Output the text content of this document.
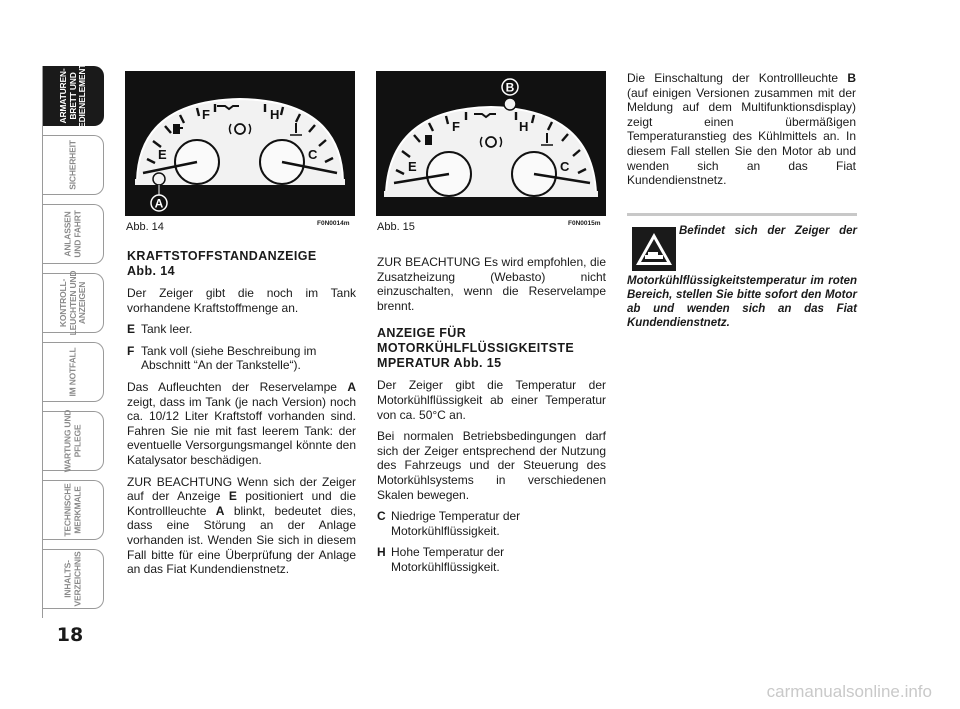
ARMATUREN-
BRETT UND
BEDIENELEMENTE
SICHERHEIT
ANLASSEN
UND FAHRT
KONTROLL-
LEUCHTEN UND
ANZEIGEN
IM NOTFALL
WARTUNG UND
PFLEGE
TECHNISCHE
MERKMALE
INHALTS-
VERZEICHNIS
18
E
F	H
C
A
Abb. 14	F0N0014m
E
F	H
C
B
Abb. 15	F0N0015m
KRAFTSTOFFSTANDANZEIGE
Abb. 14

Der Zeiger gibt die noch im Tank vorhandene Kraftstoffmenge an.

E Tank leer.
F Tank voll (siehe Beschreibung im Abschnitt “An der Tankstelle“).

Das Aufleuchten der Reservelampe A zeigt, dass im Tank (je nach Version) noch ca. 10/12 Liter Kraftstoff vorhanden sind. Fahren Sie nie mit fast leerem Tank: der eventuelle Versorgungsmangel könnte den Katalysator beschädigen.

ZUR BEACHTUNG Wenn sich der Zeiger auf der Anzeige E positioniert und die Kontrollleuchte A blinkt, bedeutet dies, dass eine Störung an der Anlage vorhanden ist. Wenden Sie sich in diesem Fall bitte für eine Überprüfung der Anlage an das Fiat Kundendienstnetz.

ZUR BEACHTUNG Es wird empfohlen, die Zusatzheizung (Webasto) nicht einzuschalten, wenn die Reservelampe brennt.

ANZEIGE FÜR
MOTORKÜHLFLÜSSIGKEITSTE
MPERATUR Abb. 15

Der Zeiger gibt die Temperatur der Motorkühlflüssigkeit ab einer Temperatur von ca. 50°C an.

Bei normalen Betriebsbedingungen darf sich der Zeiger entsprechend der Nutzung des Fahrzeugs und der Steuerung des Motorkühlsystems in verschiedenen Skalen bewegen.

C Niedrige Temperatur der Motorkühlflüssigkeit.
H Hohe Temperatur der Motorkühlflüssigkeit.

Die Einschaltung der Kontrollleuchte B (auf einigen Versionen zusammen mit der Meldung auf dem Multifunktionsdisplay) zeigt einen übermäßigen Temperaturanstieg des Kühlmittels an. In diesem Fall stellen Sie den Motor ab und wenden sich an das Fiat Kundendienstnetz.

Befindet sich der Zeiger der Motorkühlflüssigkeitstemperatur im roten Bereich, stellen Sie bitte sofort den Motor ab und wenden sich an das Fiat Kundendienstnetz.
carmanualsonline.info
